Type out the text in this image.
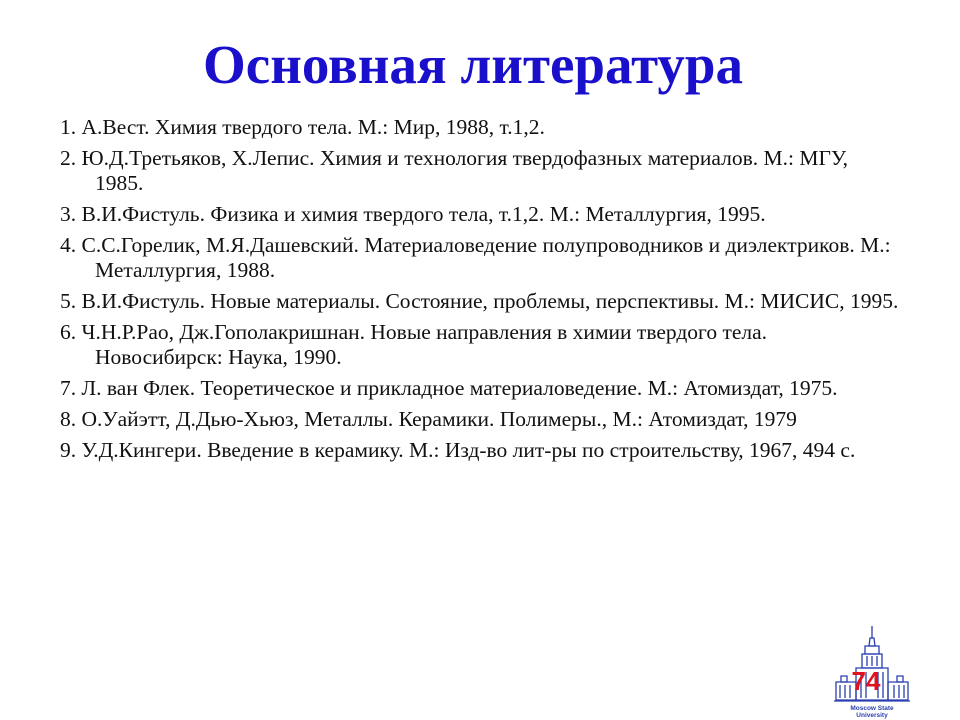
Основная литература
1. А.Вест. Химия твердого тела. М.: Мир, 1988, т.1,2.
2. Ю.Д.Третьяков, Х.Лепис. Химия и технология твердофазных материалов. М.: МГУ, 1985.
3. В.И.Фистуль. Физика и химия твердого тела, т.1,2. М.: Металлургия, 1995.
4. С.С.Горелик, М.Я.Дашевский. Материаловедение полупроводников и диэлектриков. М.: Металлургия, 1988.
5. В.И.Фистуль. Новые материалы. Состояние, проблемы, перспективы. М.: МИСИС, 1995.
6. Ч.Н.Р.Рао, Дж.Гополакришнан. Новые направления в химии твердого тела. Новосибирск: Наука, 1990.
7. Л. ван Флек. Теоретическое и прикладное материаловедение. М.: Атомиздат, 1975.
8. О.Уайэтт, Д.Дью-Хьюз, Металлы. Керамики. Полимеры., М.: Атомиздат, 1979
9. У.Д.Кингери. Введение в керамику. М.: Изд-во лит-ры по строительству, 1967, 494 с.
Moscow State
University
74
